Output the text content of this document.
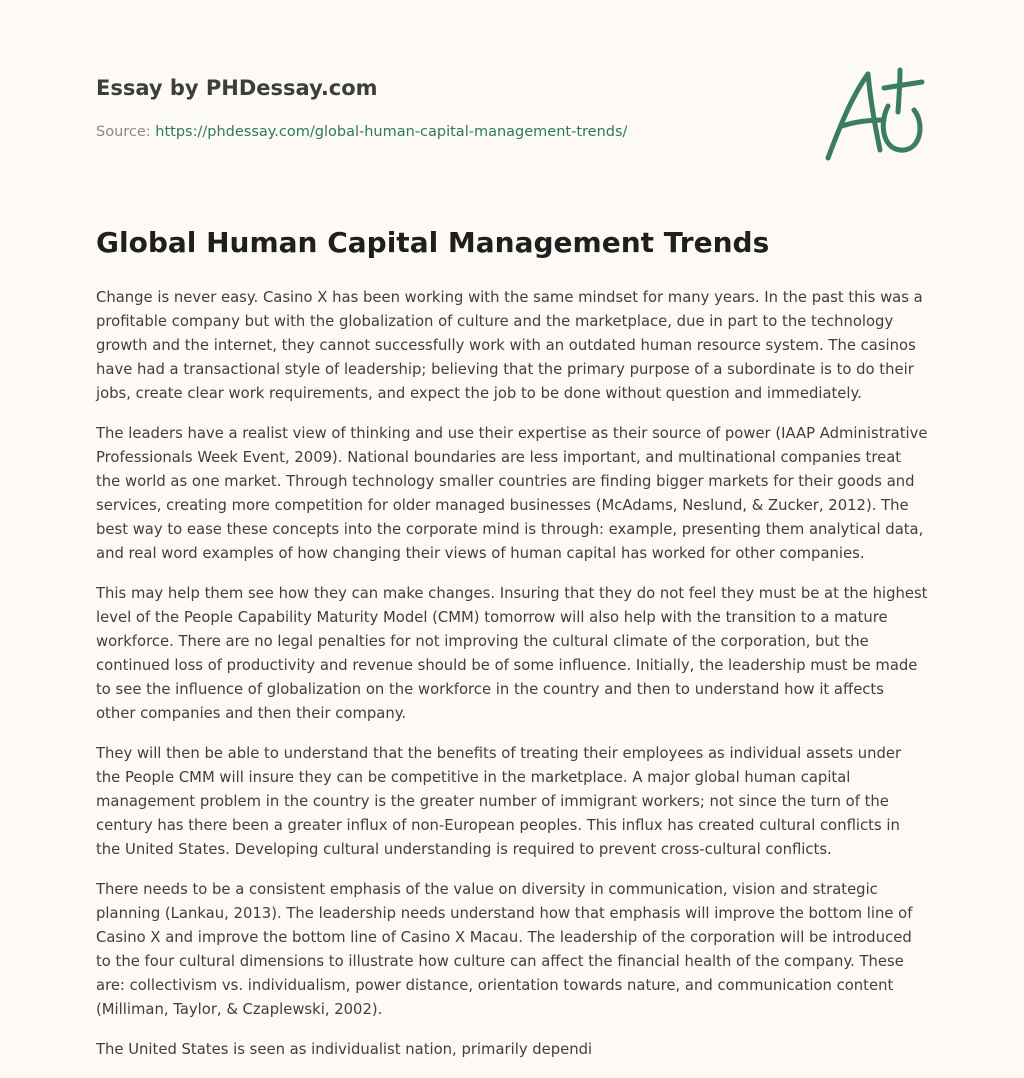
Essay by PHDessay.com
Source: https://phdessay.com/global-human-capital-management-trends/
Global Human Capital Management Trends

Change is never easy. Casino X has been working with the same mindset for many years. In the past this was a profitable company but with the globalization of culture and the marketplace, due in part to the technology growth and the internet, they cannot successfully work with an outdated human resource system. The casinos have had a transactional style of leadership; believing that the primary purpose of a subordinate is to do their jobs, create clear work requirements, and expect the job to be done without question and immediately.

The leaders have a realist view of thinking and use their expertise as their source of power (IAAP Administrative Professionals Week Event, 2009). National boundaries are less important, and multinational companies treat the world as one market. Through technology smaller countries are finding bigger markets for their goods and services, creating more competition for older managed businesses (McAdams, Neslund, & Zucker, 2012). The best way to ease these concepts into the corporate mind is through: example, presenting them analytical data, and real word examples of how changing their views of human capital has worked for other companies.

This may help them see how they can make changes. Insuring that they do not feel they must be at the highest level of the People Capability Maturity Model (CMM) tomorrow will also help with the transition to a mature workforce. There are no legal penalties for not improving the cultural climate of the corporation, but the continued loss of productivity and revenue should be of some influence. Initially, the leadership must be made to see the influence of globalization on the workforce in the country and then to understand how it affects other companies and then their company.

They will then be able to understand that the benefits of treating their employees as individual assets under the People CMM will insure they can be competitive in the marketplace. A major global human capital management problem in the country is the greater number of immigrant workers; not since the turn of the century has there been a greater influx of non-European peoples. This influx has created cultural conflicts in the United States. Developing cultural understanding is required to prevent cross-cultural conflicts.

There needs to be a consistent emphasis of the value on diversity in communication, vision and strategic planning (Lankau, 2013). The leadership needs understand how that emphasis will improve the bottom line of Casino X and improve the bottom line of Casino X Macau. The leadership of the corporation will be introduced to the four cultural dimensions to illustrate how culture can affect the financial health of the company. These are: collectivism vs. individualism, power distance, orientation towards nature, and communication content (Milliman, Taylor, & Czaplewski, 2002).

The United States is seen as individualist nation, primarily dependi
